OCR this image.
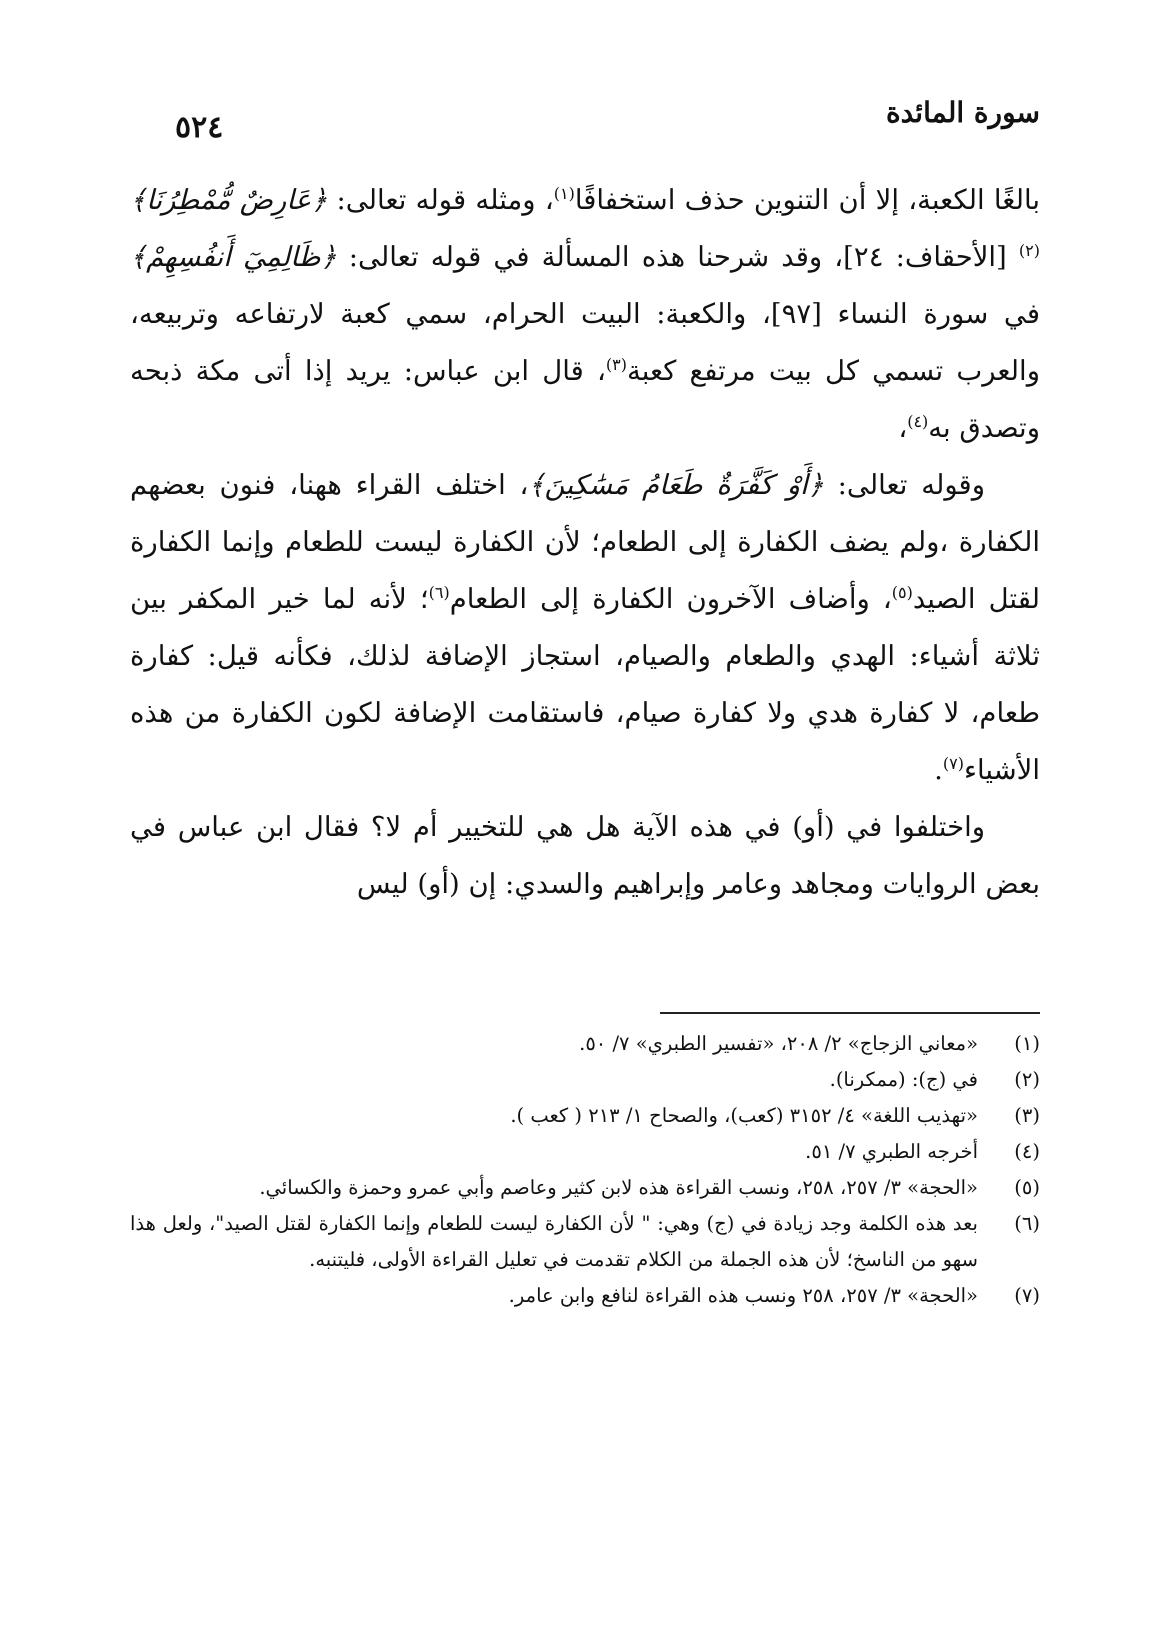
سورة المائدة
٥٢٤

بالغًا الكعبة، إلا أن التنوين حذف استخفافًا$^{(١)}$، ومثله قوله تعالى: ﴿عَارِضٌ مُّمْطِرُنَا﴾$^{(٢)}$ [الأحقاف: ٢٤]، وقد شرحنا هذه المسألة في قوله تعالى: ﴿ظَالِمِيٓ أَنفُسِهِمْ﴾ في سورة النساء [٩٧]، والكعبة: البيت الحرام، سمي كعبة لارتفاعه وتربيعه، والعرب تسمي كل بيت مرتفع كعبة$^{(٣)}$، قال ابن عباس: يريد إذا أتى مكة ذبحه وتصدق به$^{(٤)}$،

وقوله تعالى: ﴿أَوْ كَفَّرَةٌ طَعَامُ مَسَٰكِينَ﴾، اختلف القراء ههنا، فنون بعضهم الكفارة ،ولم يضف الكفارة إلى الطعام؛ لأن الكفارة ليست للطعام وإنما الكفارة لقتل الصيد$^{(٥)}$، وأضاف الآخرون الكفارة إلى الطعام$^{(٦)}$؛ لأنه لما خير المكفر بين ثلاثة أشياء: الهدي والطعام والصيام، استجاز الإضافة لذلك، فكأنه قيل: كفارة طعام، لا كفارة هدي ولا كفارة صيام، فاستقامت الإضافة لكون الكفارة من هذه الأشياء$^{(٧)}$.

واختلفوا في (أو) في هذه الآية هل هي للتخيير أم لا؟ فقال ابن عباس في بعض الروايات ومجاهد وعامر وإبراهيم والسدي: إن (أو) ليس

(١)
«معاني الزجاج» ٢/ ٢٠٨، «تفسير الطبري» ٧/ ٥٠.

(٢)
في (ج): (ممكرنا).

(٣)
«تهذيب اللغة» ٤/ ٣١٥٢ (كعب)، والصحاح ١/ ٢١٣ ( كعب ).

(٤)
أخرجه الطبري ٧/ ٥١.

(٥)
«الحجة» ٣/ ٢٥٧، ٢٥٨، ونسب القراءة هذه لابن كثير وعاصم وأبي عمرو وحمزة والكسائي.

(٦)
بعد هذه الكلمة وجد زيادة في (ج) وهي: " لأن الكفارة ليست للطعام وإنما الكفارة لقتل الصيد"، ولعل هذا سهو من الناسخ؛ لأن هذه الجملة من الكلام تقدمت في تعليل القراءة الأولى، فليتنبه.

(٧)
«الحجة» ٣/ ٢٥٧، ٢٥٨ ونسب هذه القراءة لنافع وابن عامر.
